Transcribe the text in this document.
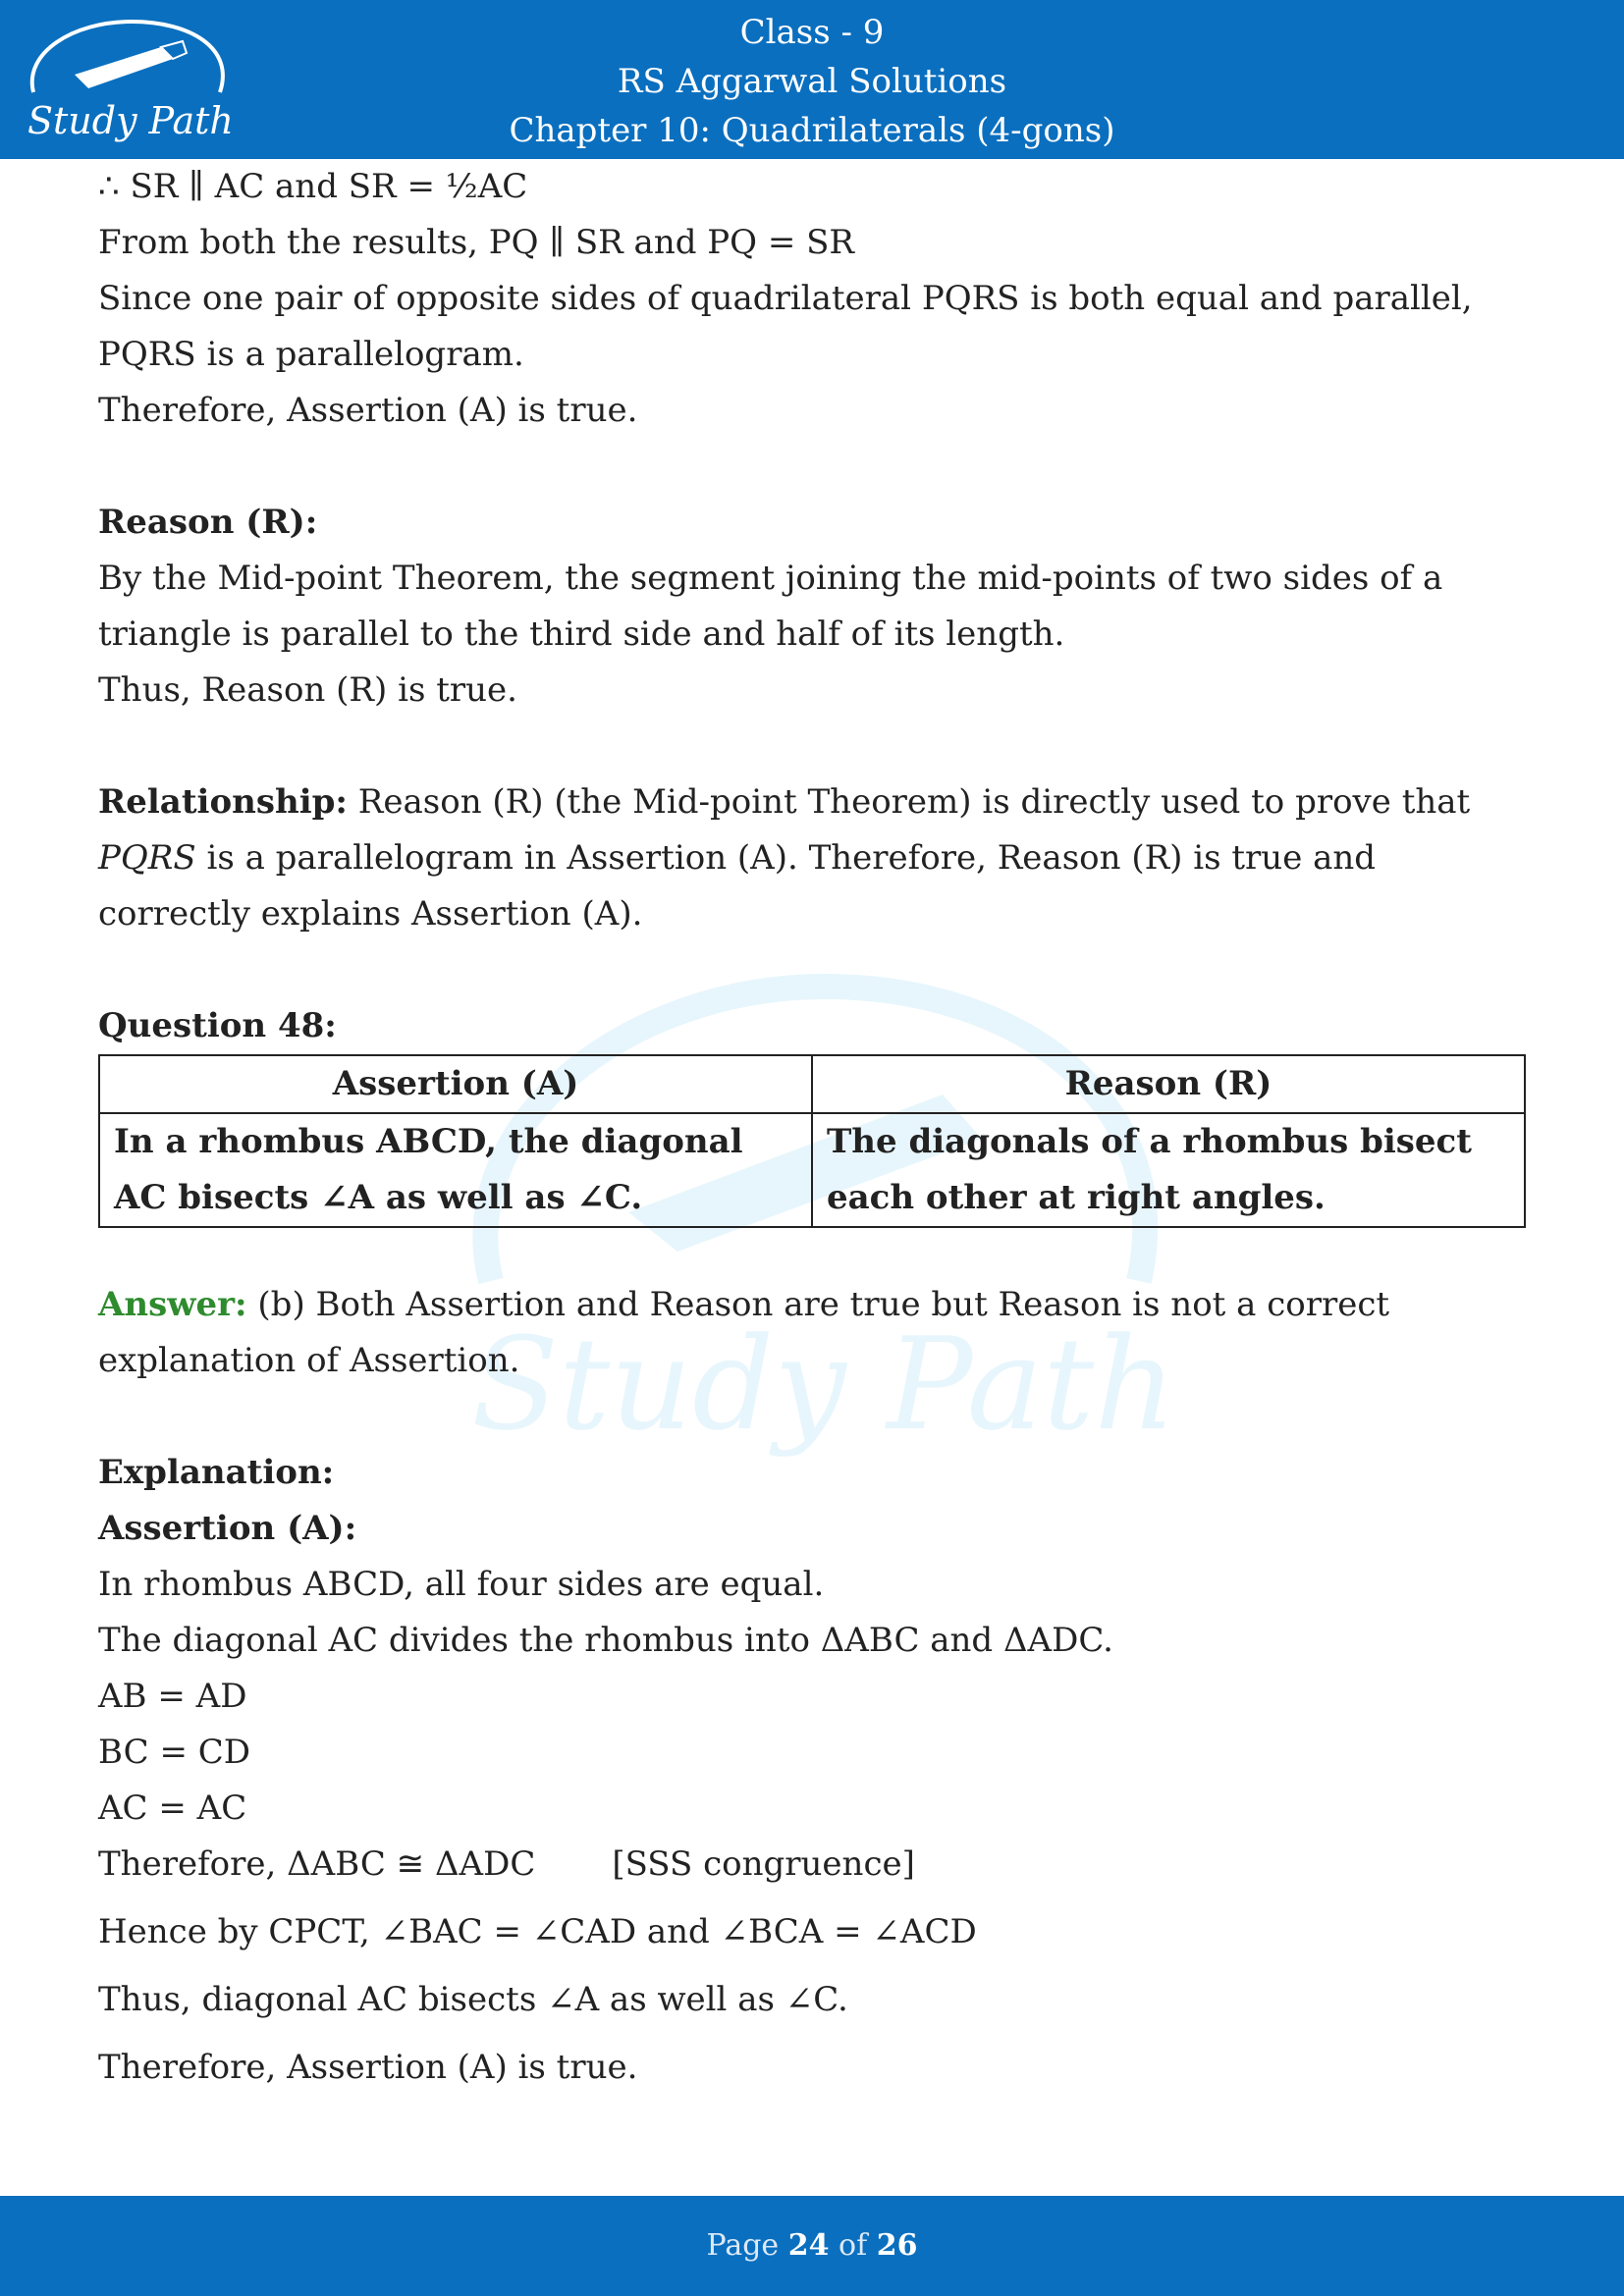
Study Path
Class - 9
RS Aggarwal Solutions
Chapter 10: Quadrilaterals (4-gons)
Study Path

∴ SR ∥ AC and SR = ½AC

From both the results, PQ ∥ SR and PQ = SR

Since one pair of opposite sides of quadrilateral PQRS is both equal and parallel, PQRS is a parallelogram.

Therefore, Assertion (A) is true.

Reason (R):

By the Mid-point Theorem, the segment joining the mid-points of two sides of a triangle is parallel to the third side and half of its length.

Thus, Reason (R) is true.

Relationship: Reason (R) (the Mid-point Theorem) is directly used to prove that PQRS is a parallelogram in Assertion (A). Therefore, Reason (R) is true and correctly explains Assertion (A).

Question 48:

Assertion (A)	Reason (R)
In a rhombus ABCD, the diagonal AC bisects ∠A as well as ∠C.	The diagonals of a rhombus bisect each other at right angles.

Answer: (b) Both Assertion and Reason are true but Reason is not a correct explanation of Assertion.

Explanation:

Assertion (A):

In rhombus ABCD, all four sides are equal.

The diagonal AC divides the rhombus into ΔABC and ΔADC.

AB = AD

BC = CD

AC = AC

Therefore, ΔABC ≅ ΔADC [SSS congruence]

Hence by CPCT, ∠BAC = ∠CAD and ∠BCA = ∠ACD

Thus, diagonal AC bisects ∠A as well as ∠C.

Therefore, Assertion (A) is true.

Page 24 of 26
